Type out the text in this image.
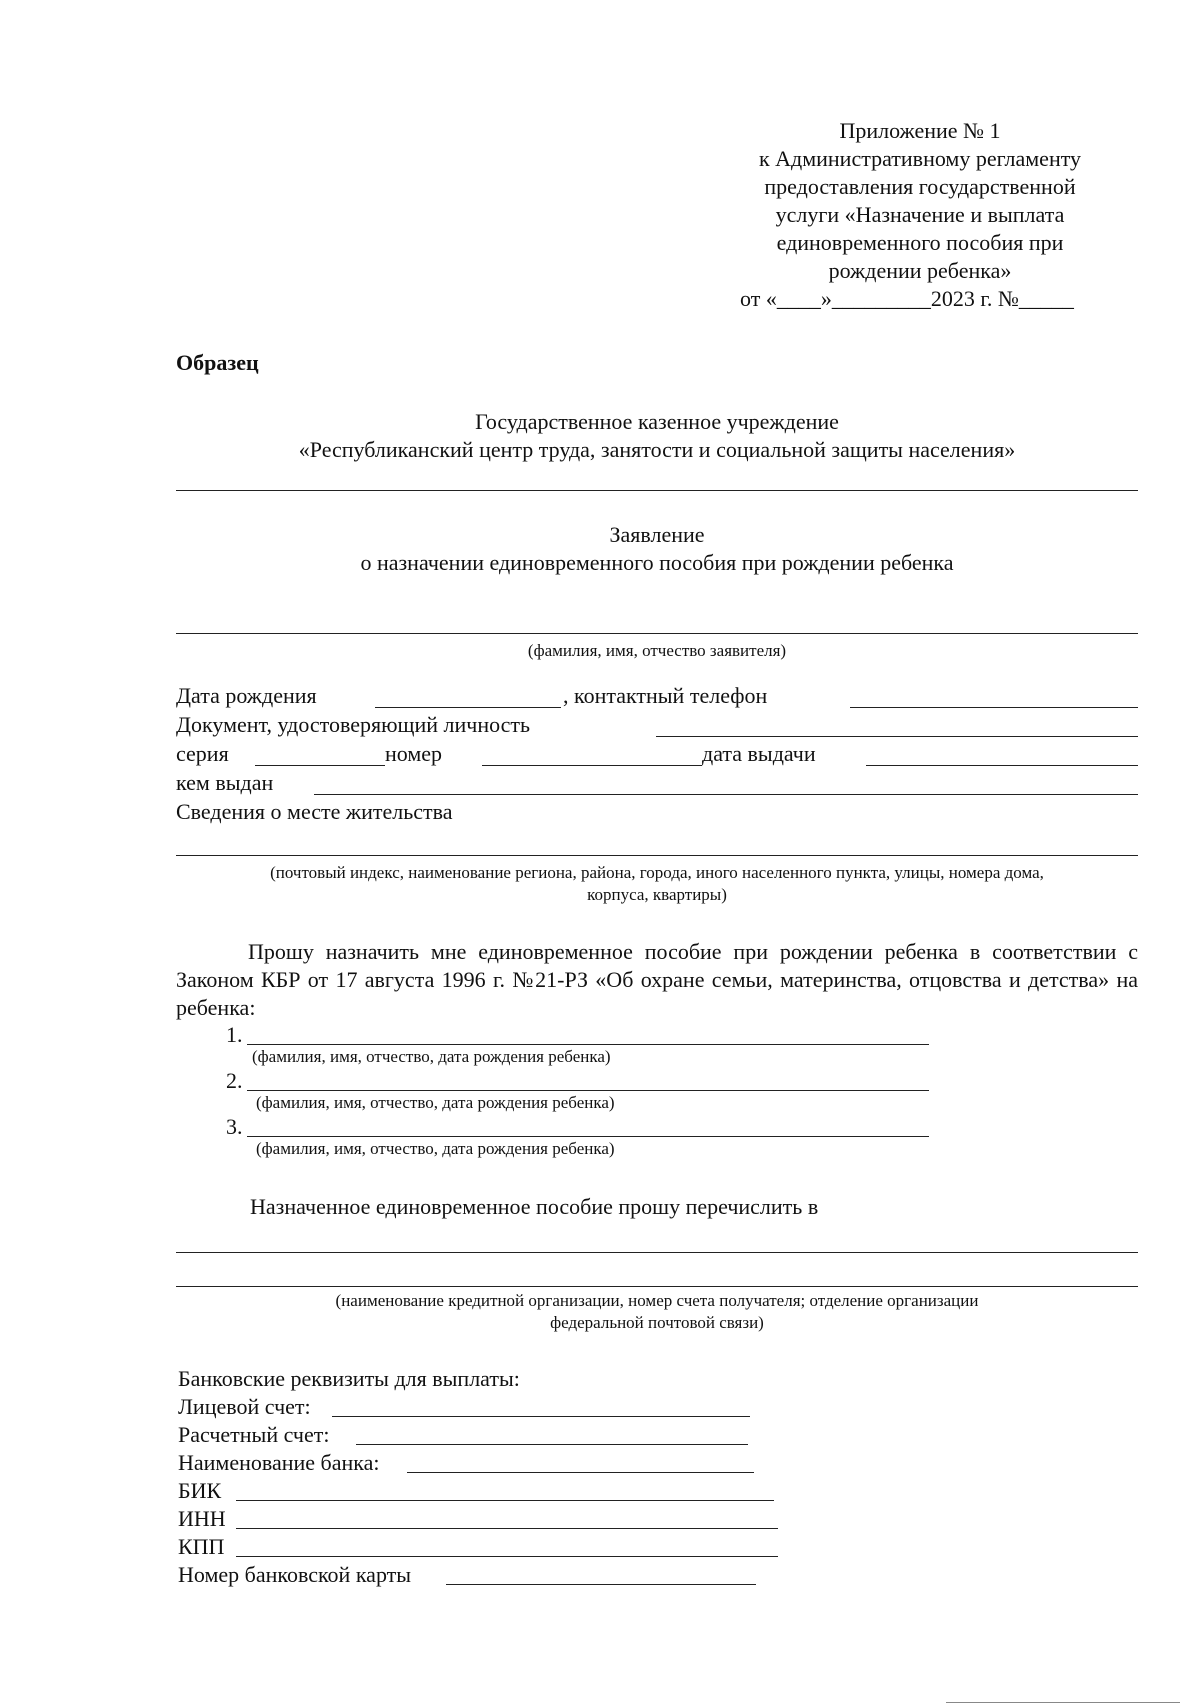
Приложение № 1
к Административному регламенту
предоставления государственной
услуги «Назначение и выплата
единовременного пособия при
рождении ребенка»
от «____»_________2023 г. №_____
Образец
Государственное казенное учреждение
«Республиканский центр труда, занятости и социальной защиты населения»
Заявление
о назначении единовременного пособия при рождении ребенка
(фамилия, имя, отчество заявителя)
Дата рождения	, контактный телефон
Документ, удостоверяющий личность
серия	номер	дата выдачи
кем выдан
Сведения о месте жительства
(почтовый индекс, наименование региона, района, города, иного населенного пункта, улицы, номера дома,
корпуса, квартиры)
Прошу назначить мне единовременное пособие при рождении ребенка в соответствии с Законом КБР от 17 августа 1996 г. №21-РЗ «Об охране семьи, материнства, отцовства и детства» на ребенка:
1.
(фамилия, имя, отчество, дата рождения ребенка)
2.
(фамилия, имя, отчество, дата рождения ребенка)
3.
(фамилия, имя, отчество, дата рождения ребенка)
Назначенное единовременное пособие прошу перечислить в
(наименование кредитной организации, номер счета получателя; отделение организации
федеральной почтовой связи)
Банковские реквизиты для выплаты:
Лицевой счет:
Расчетный счет:
Наименование банка:
БИК
ИНН
КПП
Номер банковской карты
